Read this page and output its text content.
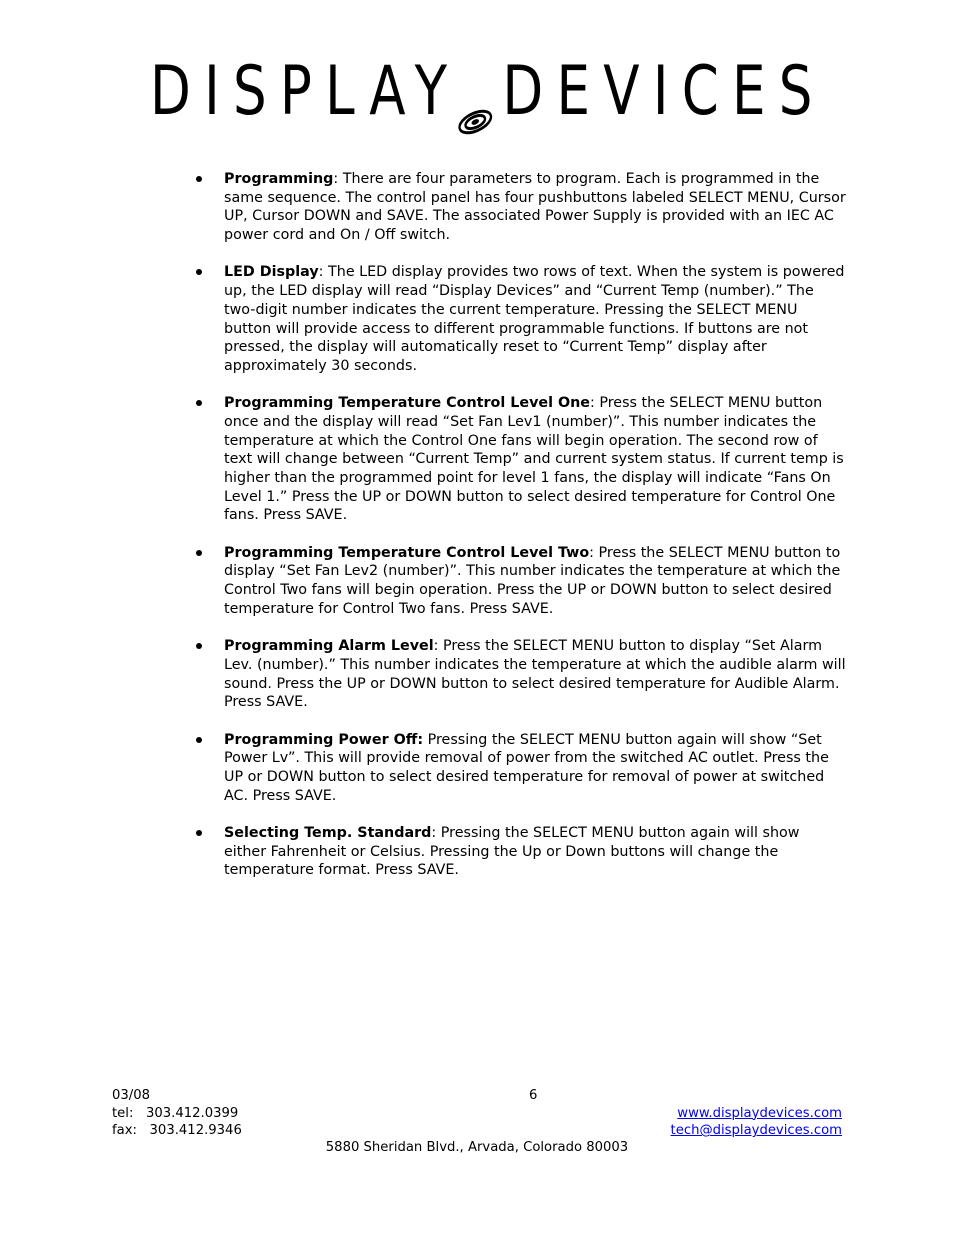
DISPLAY DEVICES
Programming: There are four parameters to program. Each is programmed in the same sequence. The control panel has four pushbuttons labeled SELECT MENU, Cursor UP, Cursor DOWN and SAVE. The associated Power Supply is provided with an IEC AC power cord and On / Off switch.
LED Display: The LED display provides two rows of text. When the system is powered up, the LED display will read “Display Devices” and “Current Temp (number).” The two-digit number indicates the current temperature. Pressing the SELECT MENU button will provide access to different programmable functions. If buttons are not pressed, the display will automatically reset to “Current Temp” display after approximately 30 seconds.
Programming Temperature Control Level One: Press the SELECT MENU button once and the display will read “Set Fan Lev1 (number)”. This number indicates the temperature at which the Control One fans will begin operation. The second row of text will change between “Current Temp” and current system status. If current temp is higher than the programmed point for level 1 fans, the display will indicate “Fans On Level 1.” Press the UP or DOWN button to select desired temperature for Control One fans. Press SAVE.
Programming Temperature Control Level Two: Press the SELECT MENU button to display “Set Fan Lev2 (number)”. This number indicates the temperature at which the Control Two fans will begin operation. Press the UP or DOWN button to select desired temperature for Control Two fans. Press SAVE.
Programming Alarm Level: Press the SELECT MENU button to display “Set Alarm Lev. (number).” This number indicates the temperature at which the audible alarm will sound. Press the UP or DOWN button to select desired temperature for Audible Alarm. Press SAVE.
Programming Power Off: Pressing the SELECT MENU button again will show “Set Power Lv”. This will provide removal of power from the switched AC outlet. Press the UP or DOWN button to select desired temperature for removal of power at switched AC. Press SAVE.
Selecting Temp. Standard: Pressing the SELECT MENU button again will show either Fahrenheit or Celsius. Pressing the Up or Down buttons will change the temperature format. Press SAVE.
03/08	6
tel:   303.412.0399	www.displaydevices.com
fax:   303.412.9346	tech@displaydevices.com
5880 Sheridan Blvd., Arvada, Colorado 80003
